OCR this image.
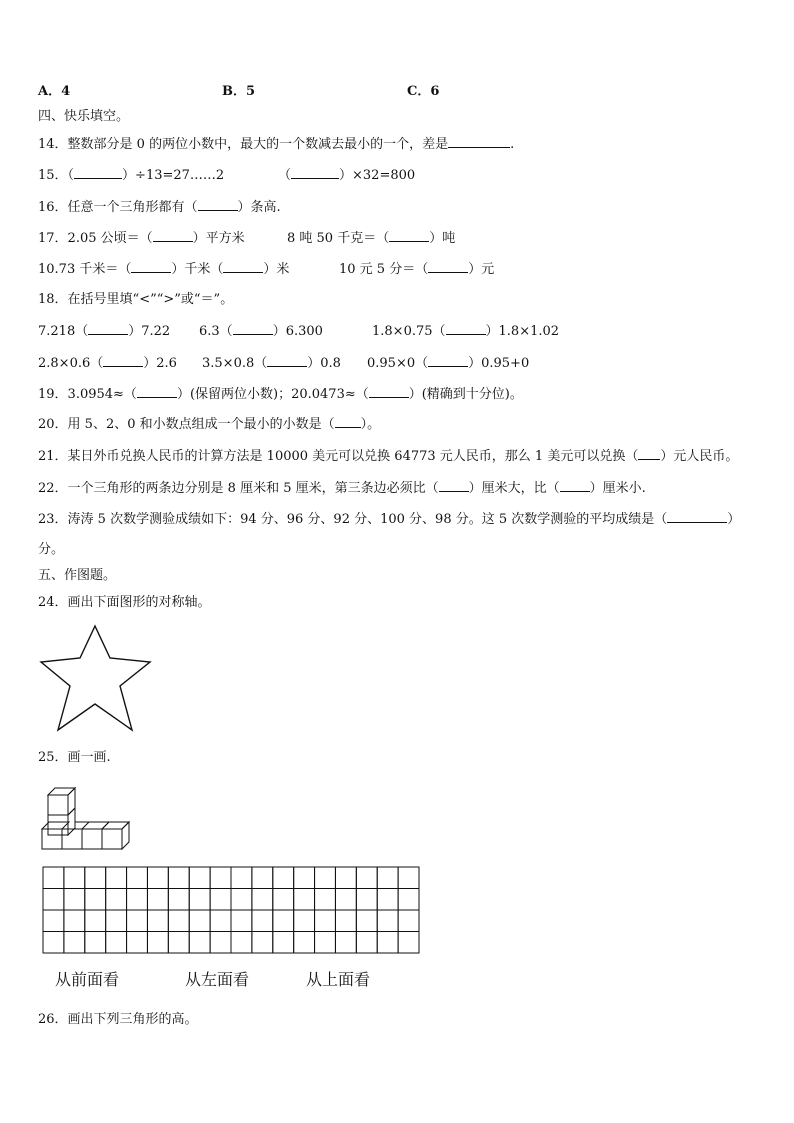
A．4	B．5	C．6
四、快乐填空。
14．整数部分是 0 的两位小数中，最大的一个数减去最小的一个，差是	.
15．（	）÷13=27……2	（	）×32=800
16．任意一个三角形都有（	）条高.
17．2.05 公顷＝（	）平方米	8 吨 50 千克＝（	）吨
10.73 千米＝（	）千米（	）米	10 元 5 分＝（	）元
18．在括号里填“<”“>”或“＝”。
7.218（	）7.22 6.3（	）6.300	1.8×0.75（	）1.8×1.02
2.8×0.6（	）2.6 3.5×0.8（	）0.8 0.95×0（	）0.95+0
19．3.0954≈（	）(保留两位小数)；20.0473≈（	）(精确到十分位)。
20．用 5、2、0 和小数点组成一个最小的小数是（ ）。
21．某日外币兑换人民币的计算方法是 10000 美元可以兑换 64773 元人民币，那么 1 美元可以兑换（ ）元人民币。
22．一个三角形的两条边分别是 8 厘米和 5 厘米，第三条边必须比（ ）厘米大，比（ ）厘米小.
23．涛涛 5 次数学测验成绩如下：94 分、96 分、92 分、100 分、98 分。这 5 次数学测验的平均成绩是（	）
分。
五、作图题。
24．画出下面图形的对称轴。
25．画一画.
从前面看	从左面看	从上面看
26．画出下列三角形的高。
